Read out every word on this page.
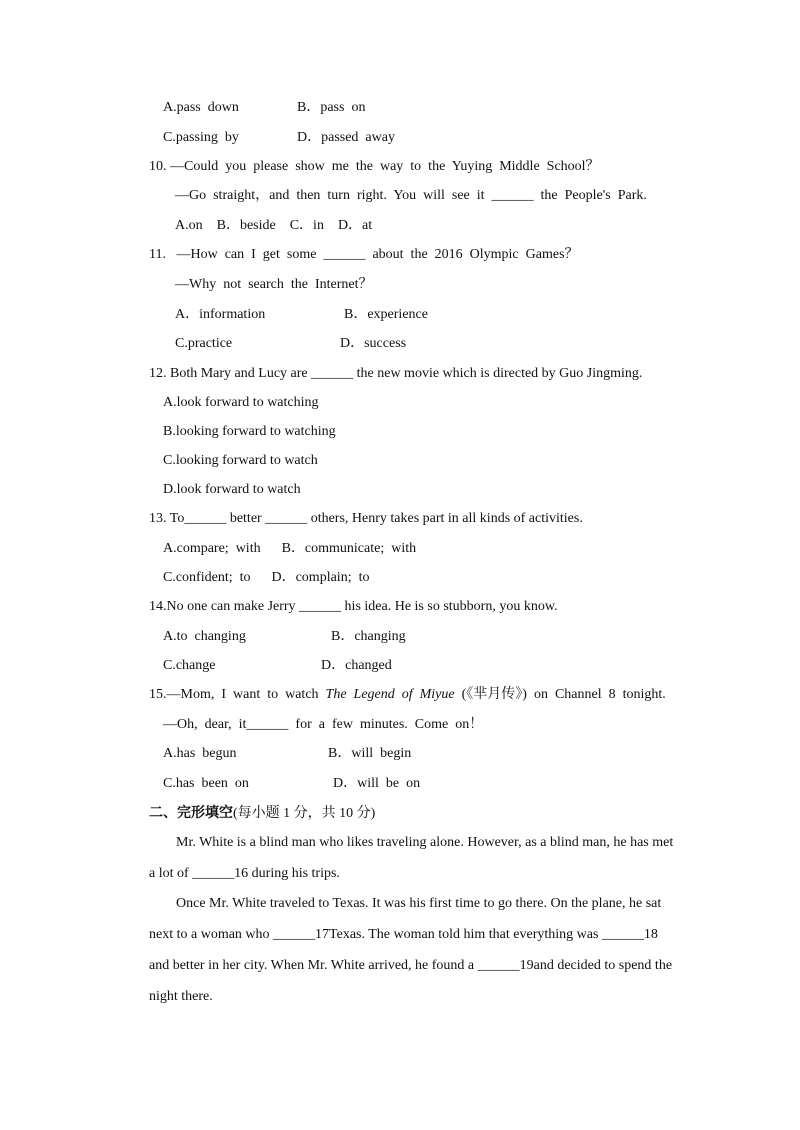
A.pass  down	B．pass  on
C.passing  by	D．passed  away
10. —Could  you  please  show  me  the  way  to  the  Yuying  Middle  School？
—Go  straight，and  then  turn  right.  You  will  see  it  ______  the  People's  Park.
A.on    B．beside    C．in    D．at
11.   —How  can  I  get  some  ______  about  the  2016  Olympic  Games？
—Why  not  search  the  Internet？
A．information	B．experience
C.practice	D．success
12. Both Mary and Lucy are ______ the new movie which is directed by Guo Jingming.
A.look forward to watching
B.looking forward to watching
C.looking forward to watch
D.look forward to watch
13. To______ better ______ others, Henry takes part in all kinds of activities.
A.compare;  with      B．communicate;  with
C.confident;  to      D．complain;  to
14.No one can make Jerry ______ his idea. He is so stubborn, you know.
A.to  changing	B．changing
C.change	D．changed
15.—Mom,  I  want  to  watch  The  Legend  of  Miyue  (《芈月传》)  on  Channel  8  tonight.
—Oh,  dear,  it______  for  a  few  minutes.  Come  on！
A.has  begun	B．will  begin
C.has  been  on	D．will  be  on
二、完形填空(每小题 1 分，共 10 分)
Mr. White is a blind man who likes traveling alone. However, as a blind man, he has met
a lot of ______16 during his trips.
Once Mr. White traveled to Texas. It was his first time to go there. On the plane, he sat
next to a woman who ______17Texas. The woman told him that everything was ______18
and better in her city. When Mr. White arrived, he found a ______19and decided to spend the
night there.
